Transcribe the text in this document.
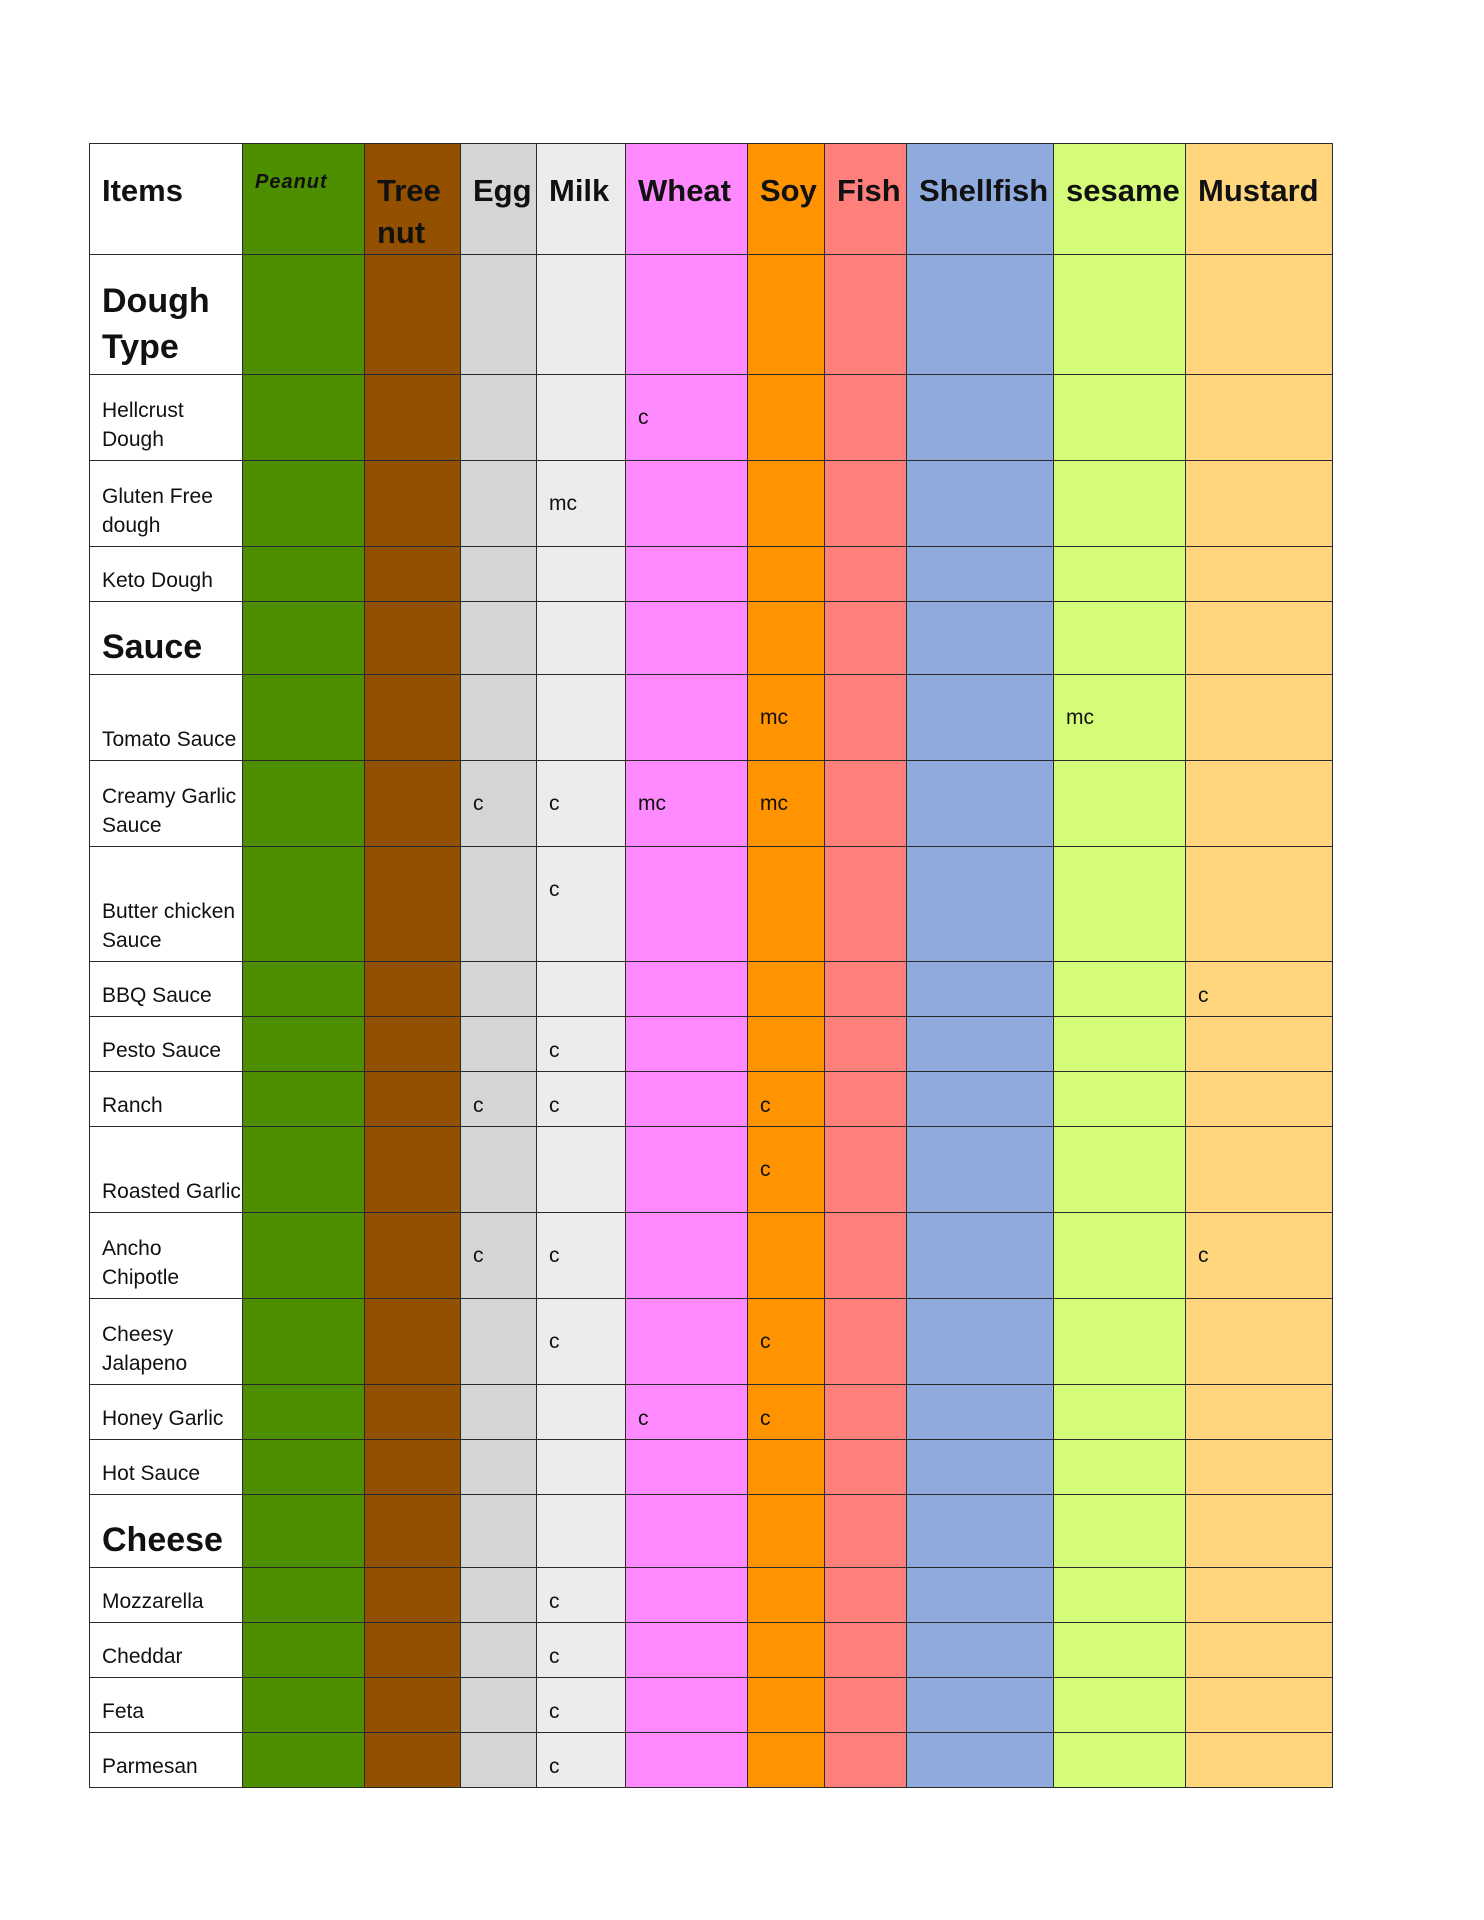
Items	Peanut	Tree nut	Egg	Milk	Wheat	Soy	Fish	Shellfish	sesame	Mustard
Dough Type										
Hellcrust Dough					c					
Gluten Free dough				mc						
Keto Dough										
Sauce										
Tomato Sauce						mc			mc	
Creamy Garlic Sauce			c	c	mc	mc				
Butter chicken Sauce				c						
BBQ Sauce										c
Pesto Sauce				c						
Ranch			c	c		c				
Roasted Garlic						c				
Ancho Chipotle			c	c						c
Cheesy Jalapeno				c		c				
Honey Garlic					c	c				
Hot Sauce										
Cheese										
Mozzarella				c						
Cheddar				c						
Feta				c						
Parmesan				c						
